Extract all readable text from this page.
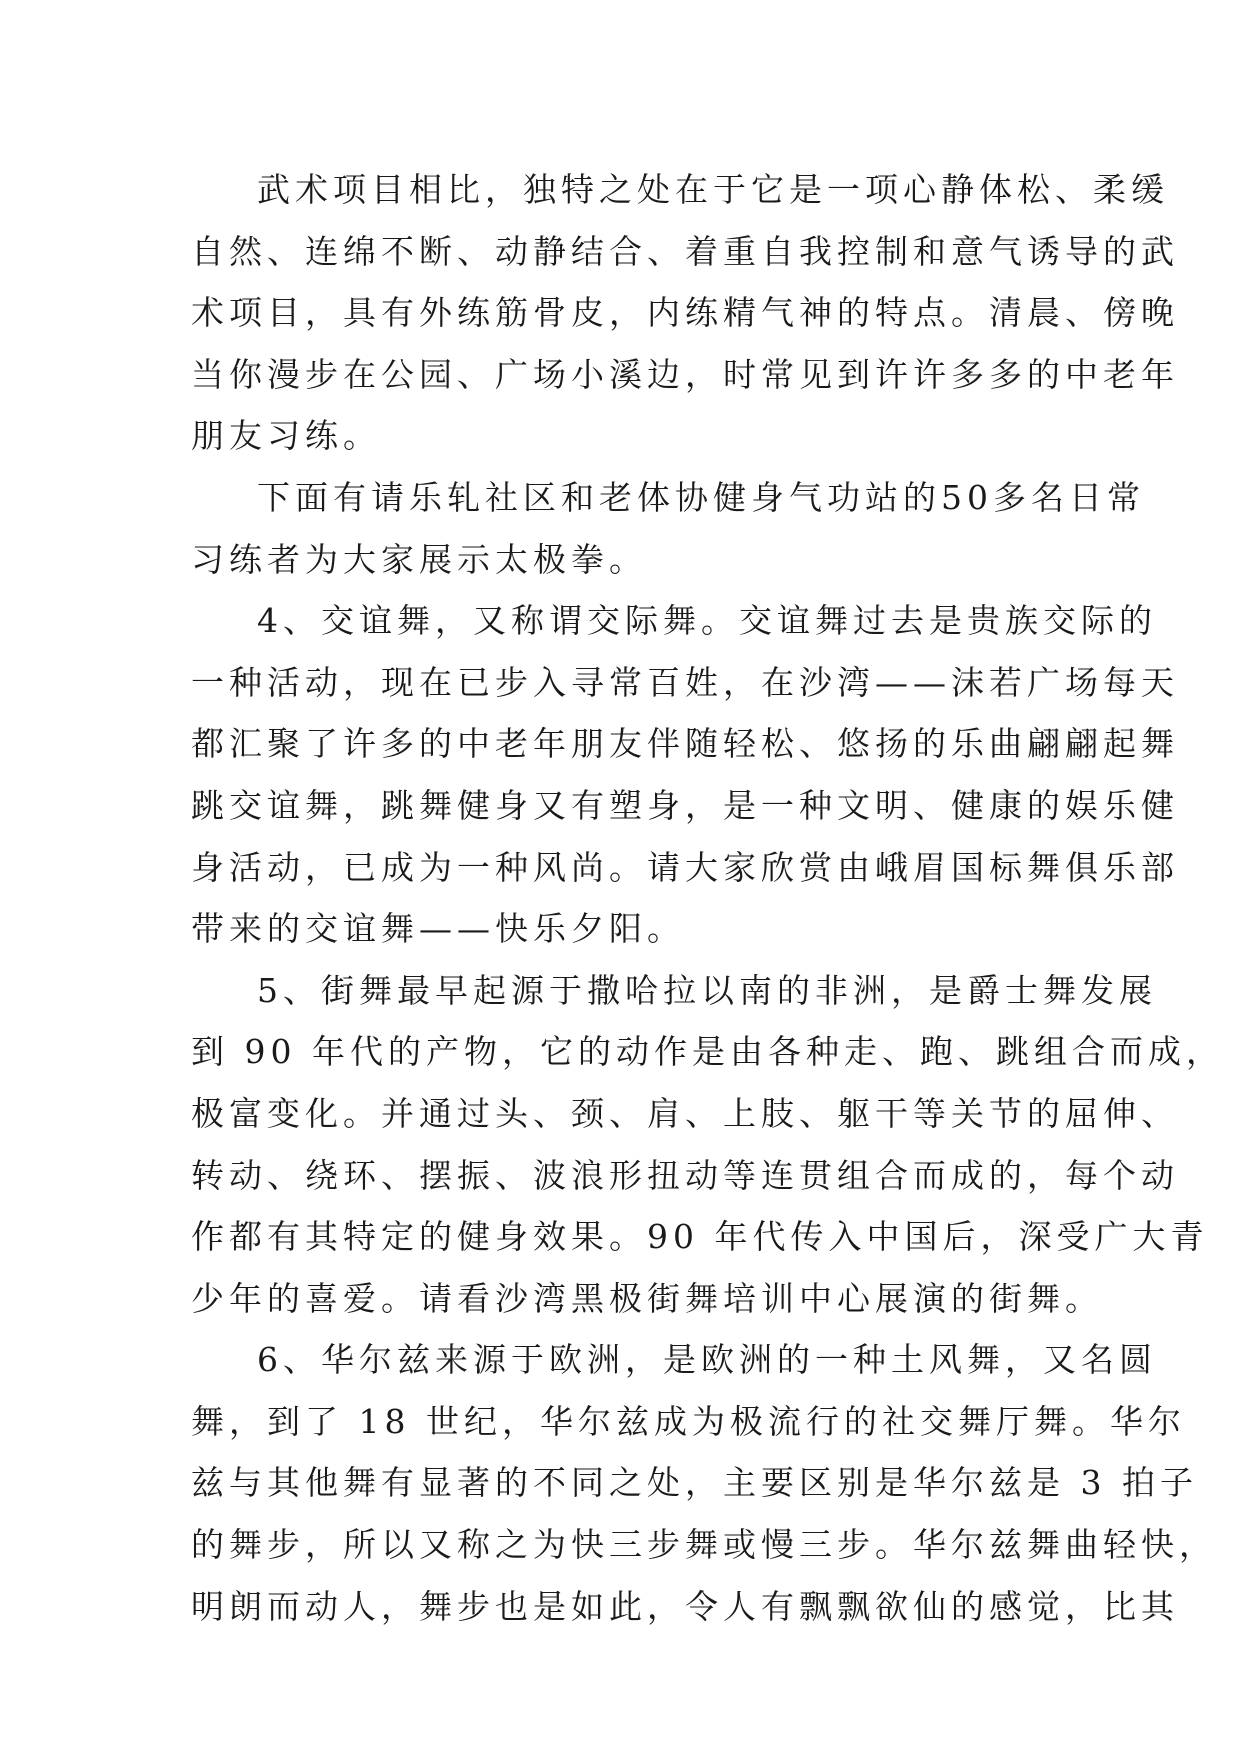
武术项目相比，独特之处在于它是一项心静体松、柔缓
自然、连绵不断、动静结合、着重自我控制和意气诱导的武
术项目，具有外练筋骨皮，内练精气神的特点。清晨、傍晚
当你漫步在公园、广场小溪边，时常见到许许多多的中老年
朋友习练。
下面有请乐轧社区和老体协健身气功站的50多名日常
习练者为大家展示太极拳。
4、交谊舞，又称谓交际舞。交谊舞过去是贵族交际的
一种活动，现在已步入寻常百姓，在沙湾——沫若广场每天
都汇聚了许多的中老年朋友伴随轻松、悠扬的乐曲翩翩起舞
跳交谊舞，跳舞健身又有塑身，是一种文明、健康的娱乐健
身活动，已成为一种风尚。请大家欣赏由峨眉国标舞俱乐部
带来的交谊舞——快乐夕阳。
5、街舞最早起源于撒哈拉以南的非洲，是爵士舞发展
到 90 年代的产物，它的动作是由各种走、跑、跳组合而成，
极富变化。并通过头、颈、肩、上肢、躯干等关节的屈伸、
转动、绕环、摆振、波浪形扭动等连贯组合而成的，每个动
作都有其特定的健身效果。90 年代传入中国后，深受广大青
少年的喜爱。请看沙湾黑极街舞培训中心展演的街舞。
6、华尔兹来源于欧洲，是欧洲的一种土风舞，又名圆
舞，到了 18 世纪，华尔兹成为极流行的社交舞厅舞。华尔
兹与其他舞有显著的不同之处，主要区别是华尔兹是 3 拍子
的舞步，所以又称之为快三步舞或慢三步。华尔兹舞曲轻快，
明朗而动人，舞步也是如此，令人有飘飘欲仙的感觉，比其
